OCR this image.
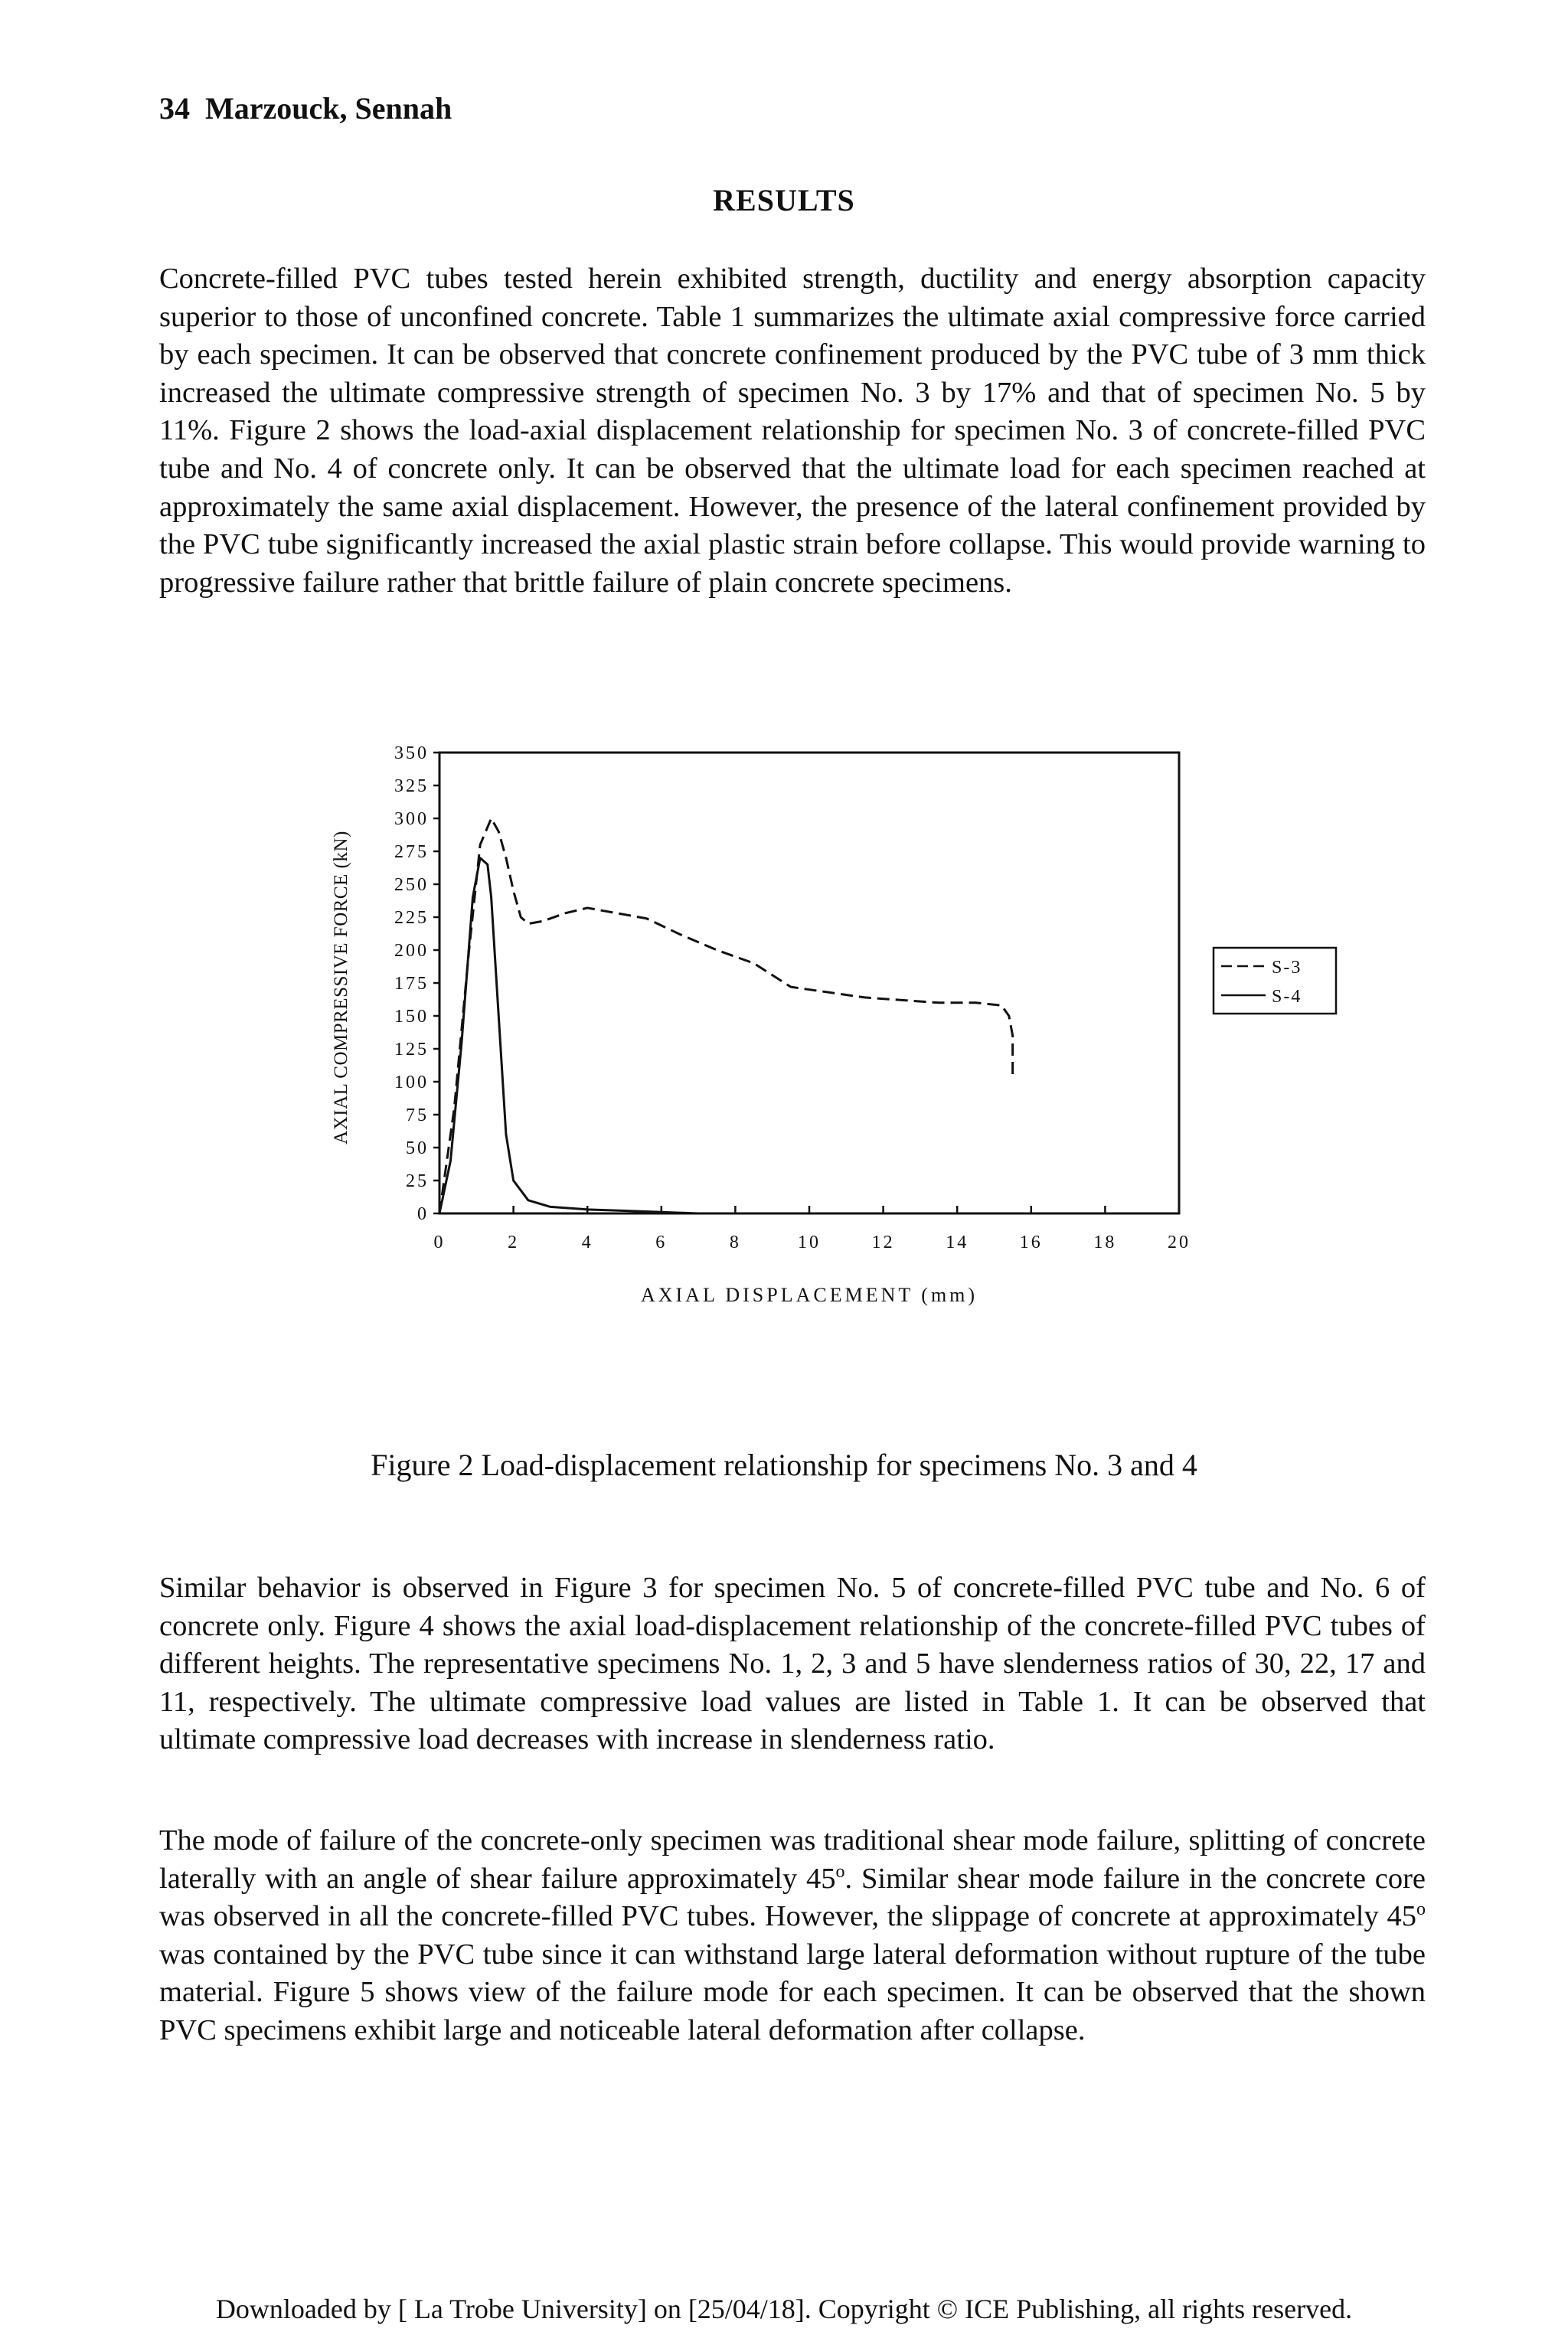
34 Marzouck, Sennah
RESULTS

Concrete-filled PVC tubes tested herein exhibited strength, ductility and energy absorption capacity superior to those of unconfined concrete. Table 1 summarizes the ultimate axial compressive force carried by each specimen. It can be observed that concrete confinement produced by the PVC tube of 3 mm thick increased the ultimate compressive strength of specimen No. 3 by 17% and that of specimen No. 5 by 11%. Figure 2 shows the load-axial displacement relationship for specimen No. 3 of concrete-filled PVC tube and No. 4 of concrete only. It can be observed that the ultimate load for each specimen reached at approximately the same axial displacement. However, the presence of the lateral confinement provided by the PVC tube significantly increased the axial plastic strain before collapse. This would provide warning to progressive failure rather that brittle failure of plain concrete specimens.

350
325
300
275
250
225
200
175
150
125
100
75
50
25
0
0	2	4	6	8	10	12	14	16	18	20
S-3
S-4
AXIAL COMPRESSIVE FORCE (kN)
AXIAL DISPLACEMENT (mm)
Figure 2 Load-displacement relationship for specimens No. 3 and 4

Similar behavior is observed in Figure 3 for specimen No. 5 of concrete-filled PVC tube and No. 6 of concrete only. Figure 4 shows the axial load-displacement relationship of the concrete-filled PVC tubes of different heights. The representative specimens No. 1, 2, 3 and 5 have slenderness ratios of 30, 22, 17 and 11, respectively. The ultimate compressive load values are listed in Table 1. It can be observed that ultimate compressive load decreases with increase in slenderness ratio.

The mode of failure of the concrete-only specimen was traditional shear mode failure, splitting of concrete laterally with an angle of shear failure approximately 45$^o$. Similar shear mode failure in the concrete core was observed in all the concrete-filled PVC tubes. However, the slippage of concrete at approximately 45$^o$ was contained by the PVC tube since it can withstand large lateral deformation without rupture of the tube material. Figure 5 shows view of the failure mode for each specimen. It can be observed that the shown PVC specimens exhibit large and noticeable lateral deformation after collapse.

Downloaded by [ La Trobe University] on [25/04/18]. Copyright © ICE Publishing, all rights reserved.
